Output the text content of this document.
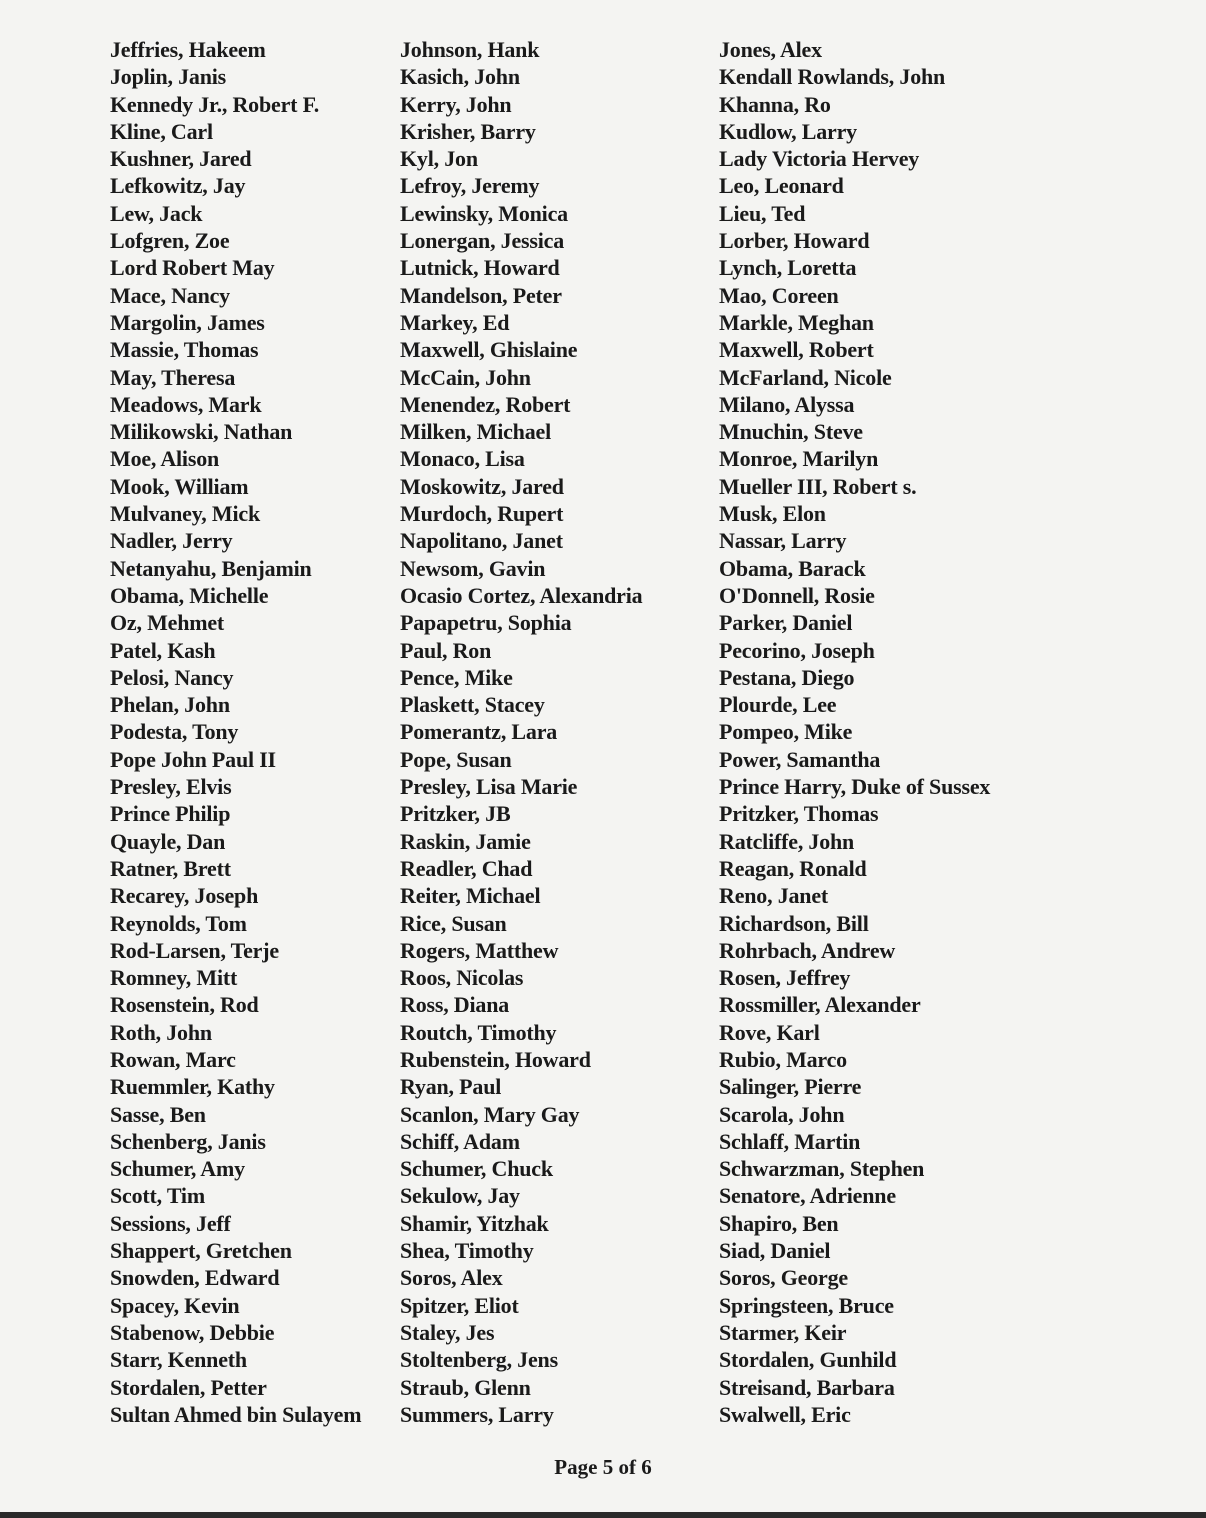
Jeffries, Hakeem
Joplin, Janis
Kennedy Jr., Robert F.
Kline, Carl
Kushner, Jared
Lefkowitz, Jay
Lew, Jack
Lofgren, Zoe
Lord Robert May
Mace, Nancy
Margolin, James
Massie, Thomas
May, Theresa
Meadows, Mark
Milikowski, Nathan
Moe, Alison
Mook, William
Mulvaney, Mick
Nadler, Jerry
Netanyahu, Benjamin
Obama, Michelle
Oz, Mehmet
Patel, Kash
Pelosi, Nancy
Phelan, John
Podesta, Tony
Pope John Paul II
Presley, Elvis
Prince Philip
Quayle, Dan
Ratner, Brett
Recarey, Joseph
Reynolds, Tom
Rod-Larsen, Terje
Romney, Mitt
Rosenstein, Rod
Roth, John
Rowan, Marc
Ruemmler, Kathy
Sasse, Ben
Schenberg, Janis
Schumer, Amy
Scott, Tim
Sessions, Jeff
Shappert, Gretchen
Snowden, Edward
Spacey, Kevin
Stabenow, Debbie
Starr, Kenneth
Stordalen, Petter
Sultan Ahmed bin Sulayem
Johnson, Hank
Kasich, John
Kerry, John
Krisher, Barry
Kyl, Jon
Lefroy, Jeremy
Lewinsky, Monica
Lonergan, Jessica
Lutnick, Howard
Mandelson, Peter
Markey, Ed
Maxwell, Ghislaine
McCain, John
Menendez, Robert
Milken, Michael
Monaco, Lisa
Moskowitz, Jared
Murdoch, Rupert
Napolitano, Janet
Newsom, Gavin
Ocasio Cortez, Alexandria
Papapetru, Sophia
Paul, Ron
Pence, Mike
Plaskett, Stacey
Pomerantz, Lara
Pope, Susan
Presley, Lisa Marie
Pritzker, JB
Raskin, Jamie
Readler, Chad
Reiter, Michael
Rice, Susan
Rogers, Matthew
Roos, Nicolas
Ross, Diana
Routch, Timothy
Rubenstein, Howard
Ryan, Paul
Scanlon, Mary Gay
Schiff, Adam
Schumer, Chuck
Sekulow, Jay
Shamir, Yitzhak
Shea, Timothy
Soros, Alex
Spitzer, Eliot
Staley, Jes
Stoltenberg, Jens
Straub, Glenn
Summers, Larry
Jones, Alex
Kendall Rowlands, John
Khanna, Ro
Kudlow, Larry
Lady Victoria Hervey
Leo, Leonard
Lieu, Ted
Lorber, Howard
Lynch, Loretta
Mao, Coreen
Markle, Meghan
Maxwell, Robert
McFarland, Nicole
Milano, Alyssa
Mnuchin, Steve
Monroe, Marilyn
Mueller III, Robert s.
Musk, Elon
Nassar, Larry
Obama, Barack
O'Donnell, Rosie
Parker, Daniel
Pecorino, Joseph
Pestana, Diego
Plourde, Lee
Pompeo, Mike
Power, Samantha
Prince Harry, Duke of Sussex
Pritzker, Thomas
Ratcliffe, John
Reagan, Ronald
Reno, Janet
Richardson, Bill
Rohrbach, Andrew
Rosen, Jeffrey
Rossmiller, Alexander
Rove, Karl
Rubio, Marco
Salinger, Pierre
Scarola, John
Schlaff, Martin
Schwarzman, Stephen
Senatore, Adrienne
Shapiro, Ben
Siad, Daniel
Soros, George
Springsteen, Bruce
Starmer, Keir
Stordalen, Gunhild
Streisand, Barbara
Swalwell, Eric
Page 5 of 6
